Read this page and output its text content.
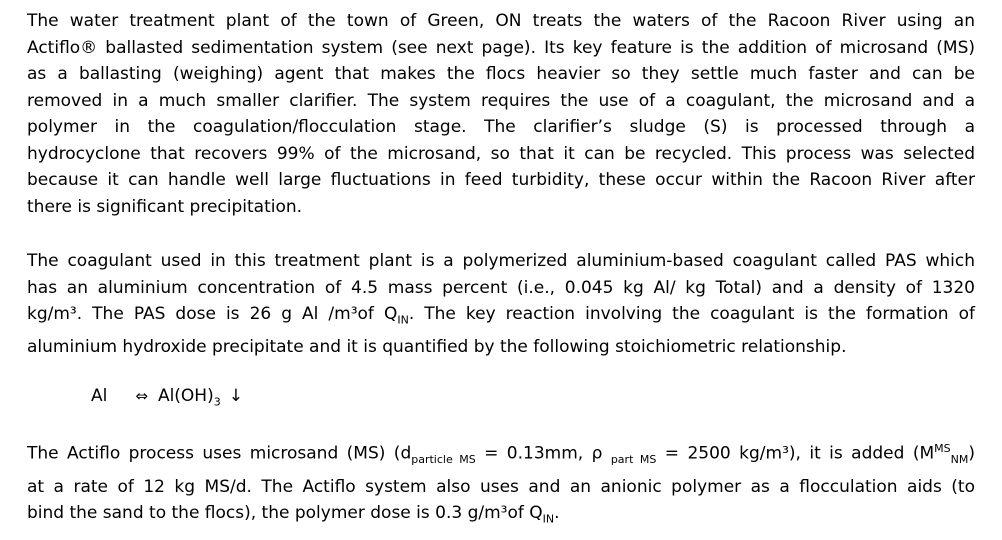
The water treatment plant of the town of Green, ON treats the waters of the Racoon River using an
Actiflo® ballasted sedimentation system (see next page). Its key feature is the addition of microsand (MS)
as a ballasting (weighing) agent that makes the flocs heavier so they settle much faster and can be
removed in a much smaller clarifier. The system requires the use of a coagulant, the microsand and a
polymer in the coagulation/flocculation stage. The clarifier’s sludge (S) is processed through a
hydrocyclone that recovers 99% of the microsand, so that it can be recycled. This process was selected
because it can handle well large fluctuations in feed turbidity, these occur within the Racoon River after
there is significant precipitation.
The coagulant used in this treatment plant is a polymerized aluminium-based coagulant called PAS which
has an aluminium concentration of 4.5 mass percent (i.e., 0.045 kg Al/ kg Total) and a density of 1320
kg/m³. The PAS dose is 26 g Al /m³of $Q_{IN}$. The key reaction involving the coagulant is the formation of
aluminium hydroxide precipitate and it is quantified by the following stoichiometric relationship.
Al ⇔ $Al(OH)_3$ ↓
The Actiflo process uses microsand (MS) ($d_{particle MS} = 0.13mm$, ρ $_{part MS}$ = 2500 kg/m³), it is added $(M^{MS}_{NM})$
at a rate of 12 kg MS/d. The Actiflo system also uses and an anionic polymer as a flocculation aids (to
bind the sand to the flocs), the polymer dose is 0.3 g/m³of $Q_{IN}$.
